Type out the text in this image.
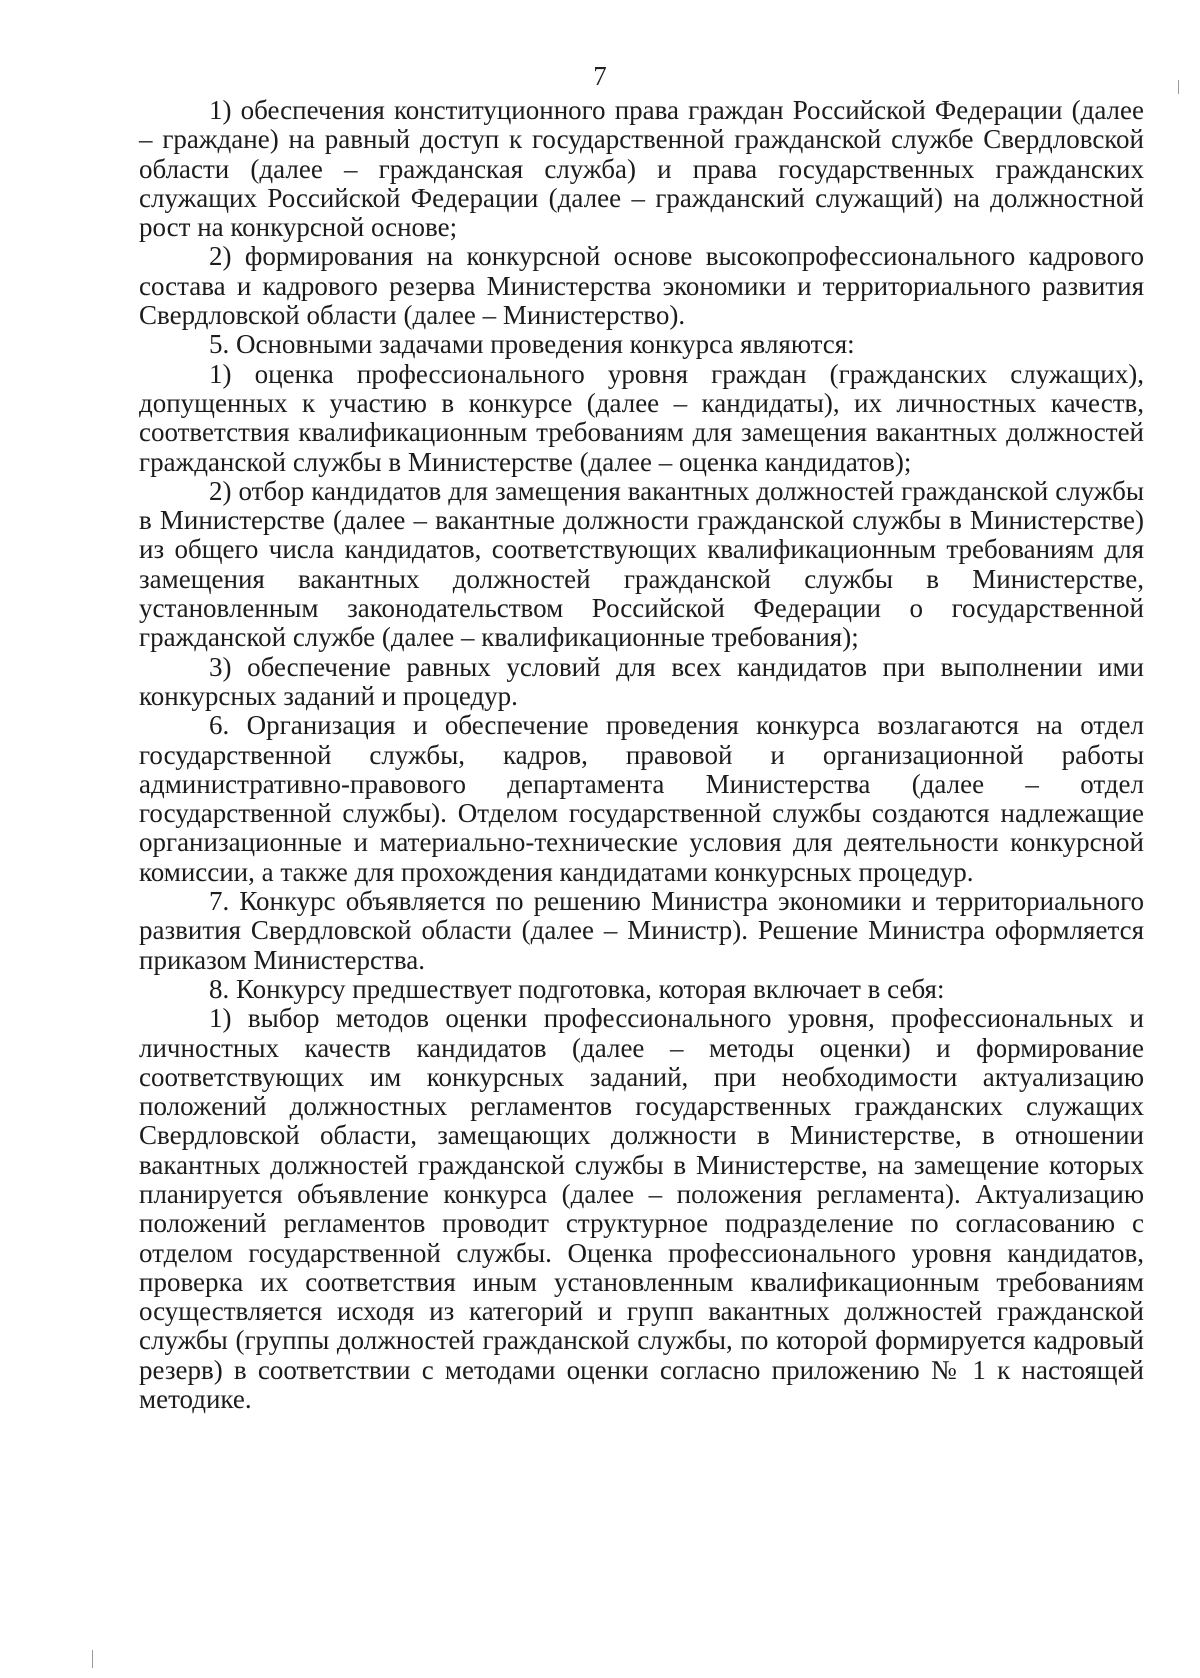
7

1) обеспечения конституционного права граждан Российской Федерации (далее – граждане) на равный доступ к государственной гражданской службе Свердловской области (далее – гражданская служба) и права государственных гражданских служащих Российской Федерации (далее – гражданский служащий) на должностной рост на конкурсной основе;

2) формирования на конкурсной основе высокопрофессионального кадрового состава и кадрового резерва Министерства экономики и территориального развития Свердловской области (далее – Министерство).

5. Основными задачами проведения конкурса являются:

1) оценка профессионального уровня граждан (гражданских служащих), допущенных к участию в конкурсе (далее – кандидаты), их личностных качеств, соответствия квалификационным требованиям для замещения вакантных должностей гражданской службы в Министерстве (далее – оценка кандидатов);

2) отбор кандидатов для замещения вакантных должностей гражданской службы в Министерстве (далее – вакантные должности гражданской службы в Министерстве) из общего числа кандидатов, соответствующих квалификационным требованиям для замещения вакантных должностей гражданской службы в Министерстве, установленным законодательством Российской Федерации о государственной гражданской службе (далее – квалификационные требования);

3) обеспечение равных условий для всех кандидатов при выполнении ими конкурсных заданий и процедур.

6. Организация и обеспечение проведения конкурса возлагаются на отдел государственной службы, кадров, правовой и организационной работы административно-правового департамента Министерства (далее – отдел государственной службы). Отделом государственной службы создаются надлежащие организационные и материально-технические условия для деятельности конкурсной комиссии, а также для прохождения кандидатами конкурсных процедур.

7. Конкурс объявляется по решению Министра экономики и территориального развития Свердловской области (далее – Министр). Решение Министра оформляется приказом Министерства.

8. Конкурсу предшествует подготовка, которая включает в себя:

1) выбор методов оценки профессионального уровня, профессиональных и личностных качеств кандидатов (далее – методы оценки) и формирование соответствующих им конкурсных заданий, при необходимости актуализацию положений должностных регламентов государственных гражданских служащих Свердловской области, замещающих должности в Министерстве, в отношении вакантных должностей гражданской службы в Министерстве, на замещение которых планируется объявление конкурса (далее – положения регламента). Актуализацию положений регламентов проводит структурное подразделение по согласованию с отделом государственной службы. Оценка профессионального уровня кандидатов, проверка их соответствия иным установленным квалификационным требованиям осуществляется исходя из категорий и групп вакантных должностей гражданской службы (группы должностей гражданской службы, по которой формируется кадровый резерв) в соответствии с методами оценки согласно приложению № 1 к настоящей методике.
